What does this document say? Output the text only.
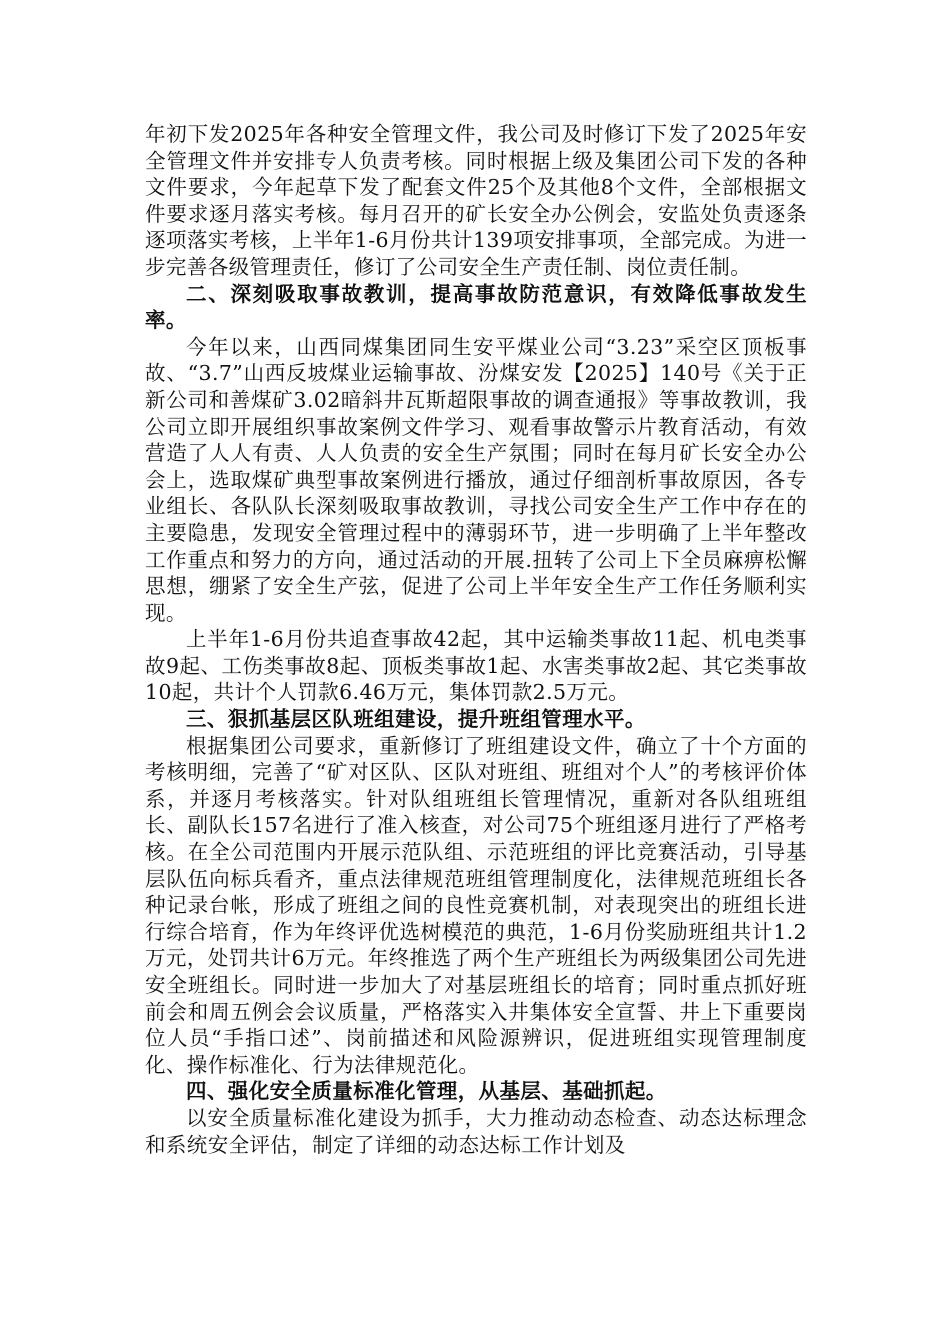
年初下发2025年各种安全管理文件，我公司及时修订下发了2025年安全管理文件并安排专人负责考核。同时根据上级及集团公司下发的各种文件要求，今年起草下发了配套文件25个及其他8个文件，全部根据文件要求逐月落实考核。每月召开的矿长安全办公例会，安监处负责逐条逐项落实考核，上半年1-6月份共计139项安排事项，全部完成。为进一步完善各级管理责任，修订了公司安全生产责任制、岗位责任制。

二、深刻吸取事故教训，提高事故防范意识，有效降低事故发生率。

今年以来，山西同煤集团同生安平煤业公司“3.23”采空区顶板事故、“3.7”山西反坡煤业运输事故、汾煤安发【2025】140号《关于正新公司和善煤矿3.02暗斜井瓦斯超限事故的调查通报》等事故教训，我公司立即开展组织事故案例文件学习、观看事故警示片教育活动，有效营造了人人有责、人人负责的安全生产氛围；同时在每月矿长安全办公会上，选取煤矿典型事故案例进行播放，通过仔细剖析事故原因，各专业组长、各队队长深刻吸取事故教训，寻找公司安全生产工作中存在的主要隐患，发现安全管理过程中的薄弱环节，进一步明确了上半年整改工作重点和努力的方向，通过活动的开展.扭转了公司上下全员麻痹松懈思想，绷紧了安全生产弦，促进了公司上半年安全生产工作任务顺利实现。

上半年1-6月份共追查事故42起，其中运输类事故11起、机电类事故9起、工伤类事故8起、顶板类事故1起、水害类事故2起、其它类事故10起，共计个人罚款6.46万元，集体罚款2.5万元。

三、狠抓基层区队班组建设，提升班组管理水平。

根据集团公司要求，重新修订了班组建设文件，确立了十个方面的考核明细，完善了“矿对区队、区队对班组、班组对个人”的考核评价体系，并逐月考核落实。针对队组班组长管理情况，重新对各队组班组长、副队长157名进行了准入核查，对公司75个班组逐月进行了严格考核。在全公司范围内开展示范队组、示范班组的评比竞赛活动，引导基层队伍向标兵看齐，重点法律规范班组管理制度化，法律规范班组长各种记录台帐，形成了班组之间的良性竞赛机制，对表现突出的班组长进行综合培育，作为年终评优选树模范的典范，1-6月份奖励班组共计1.2万元，处罚共计6万元。年终推选了两个生产班组长为两级集团公司先进安全班组长。同时进一步加大了对基层班组长的培育；同时重点抓好班前会和周五例会会议质量，严格落实入井集体安全宣誓、井上下重要岗位人员“手指口述”、岗前描述和风险源辨识，促进班组实现管理制度化、操作标准化、行为法律规范化。

四、强化安全质量标准化管理，从基层、基础抓起。

以安全质量标准化建设为抓手，大力推动动态检查、动态达标理念和系统安全评估，制定了详细的动态达标工作计划及
